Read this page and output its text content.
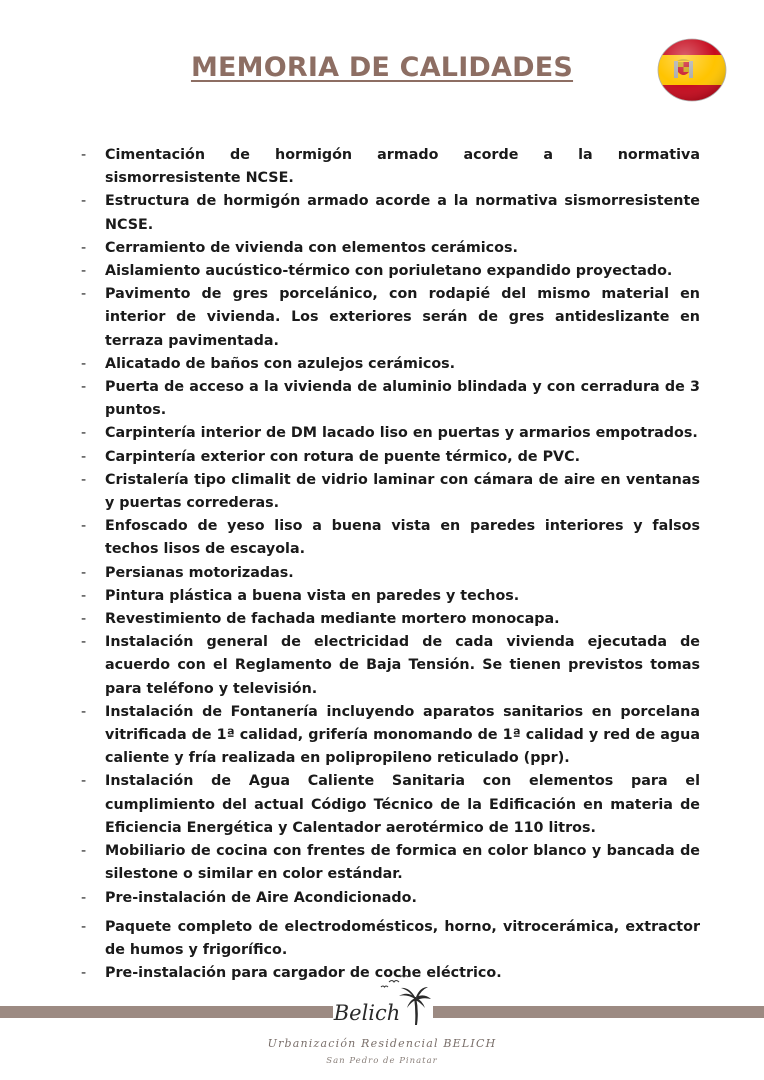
MEMORIA DE CALIDADES
- Cimentación de hormigón armado acorde a la normativa sismorresistente NCSE.
- Estructura de hormigón armado acorde a la normativa sismorresistente NCSE.
- Cerramiento de vivienda con elementos cerámicos.
- Aislamiento aucústico-térmico con poriuletano expandido proyectado.
- Pavimento de gres porcelánico, con rodapié del mismo material en interior de vivienda. Los exteriores serán de gres antideslizante en terraza pavimentada.
- Alicatado de baños con azulejos cerámicos.
- Puerta de acceso a la vivienda de aluminio blindada y con cerradura de 3 puntos.
- Carpintería interior de DM lacado liso en puertas y armarios empotrados.
- Carpintería exterior con rotura de puente térmico, de PVC.
- Cristalería tipo climalit de vidrio laminar con cámara de aire en ventanas y puertas correderas.
- Enfoscado de yeso liso a buena vista en paredes interiores y falsos techos lisos de escayola.
- Persianas motorizadas.
- Pintura plástica a buena vista en paredes y techos.
- Revestimiento de fachada mediante mortero monocapa.
- Instalación general de electricidad de cada vivienda ejecutada de acuerdo con el Reglamento de Baja Tensión. Se tienen previstos tomas para teléfono y televisión.
- Instalación de Fontanería incluyendo aparatos sanitarios en porcelana vitrificada de 1ª calidad, grifería monomando de 1ª calidad y red de agua caliente y fría realizada en polipropileno reticulado (ppr).
- Instalación de Agua Caliente Sanitaria con elementos para el cumplimiento del actual Código Técnico de la Edificación en materia de Eficiencia Energética y Calentador aerotérmico de 110 litros.
- Mobiliario de cocina con frentes de formica en color blanco y bancada de silestone o similar en color estándar.
- Pre-instalación de Aire Acondicionado.
- Paquete completo de electrodomésticos, horno, vitrocerámica, extractor de humos y frigorífico.
- Pre-instalación para cargador de coche eléctrico.
Belich
Urbanización Residencial BELICH
San Pedro de Pinatar
